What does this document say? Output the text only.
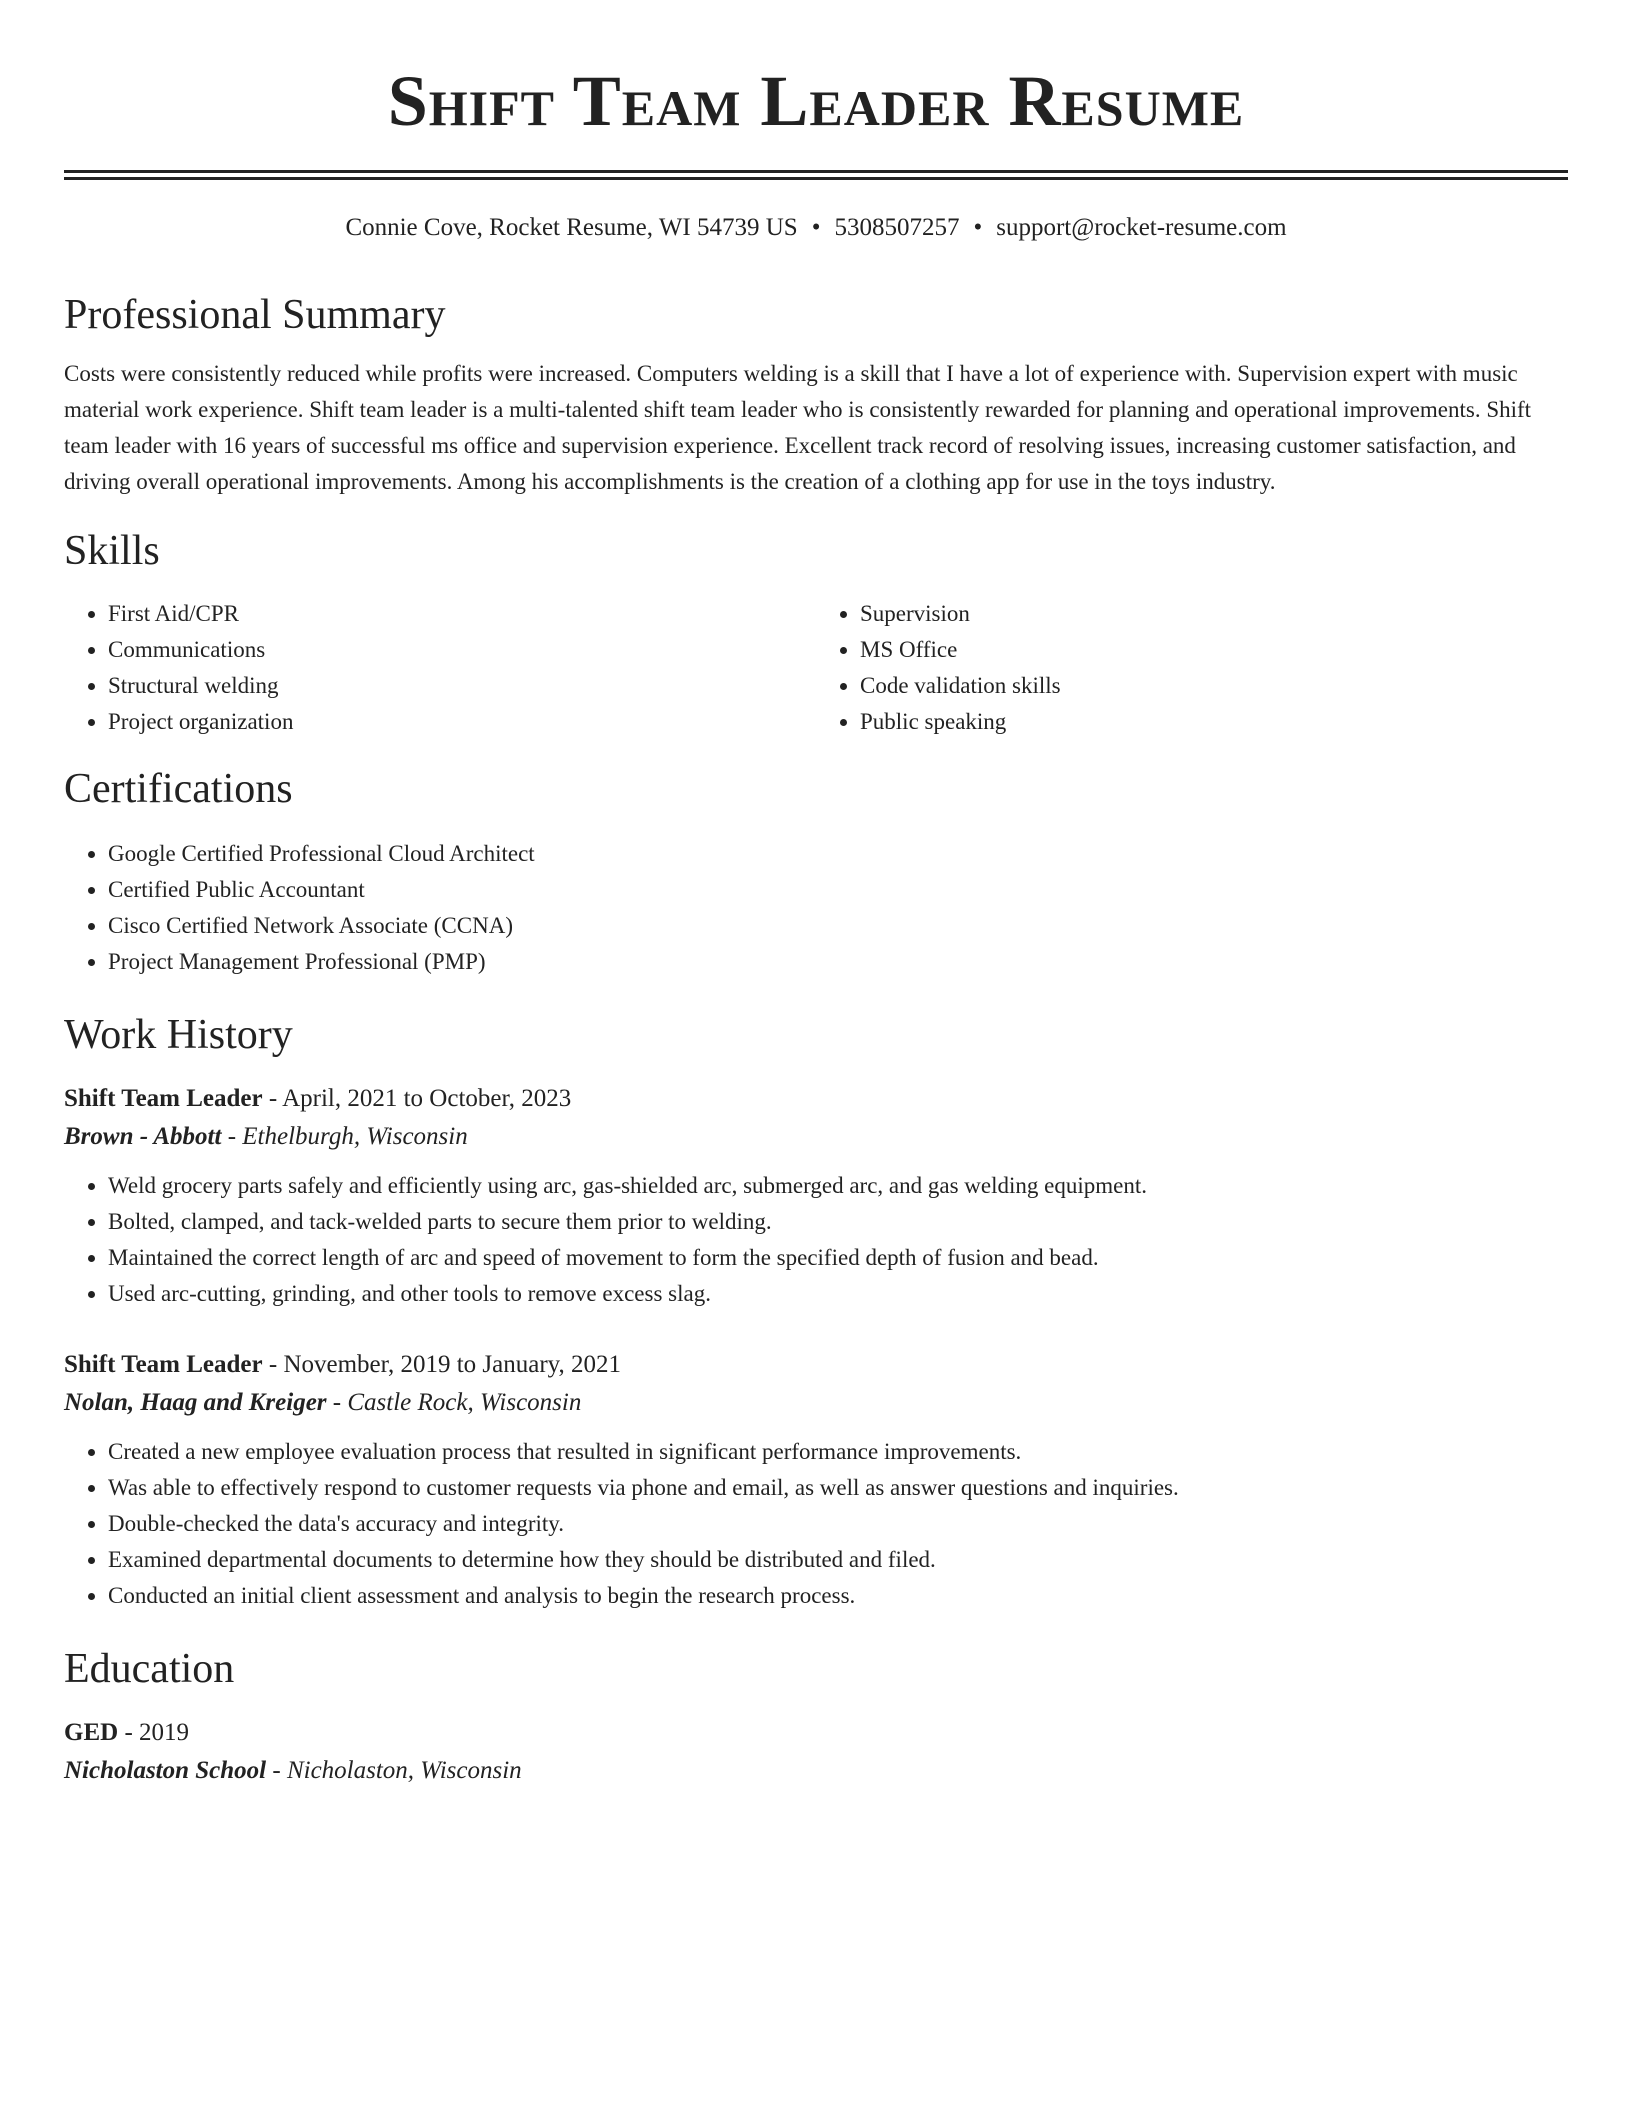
Shift Team Leader Resume
Connie Cove, Rocket Resume, WI 54739 US • 5308507257 • support@rocket-resume.com
Professional Summary

Costs were consistently reduced while profits were increased. Computers welding is a skill that I have a lot of experience with. Supervision expert with music material work experience. Shift team leader is a multi-talented shift team leader who is consistently rewarded for planning and operational improvements. Shift team leader with 16 years of successful ms office and supervision experience. Excellent track record of resolving issues, increasing customer satisfaction, and driving overall operational improvements. Among his accomplishments is the creation of a clothing app for use in the toys industry.

Skills
• First Aid/CPR
• Communications
• Structural welding
• Project organization
• Supervision
• MS Office
• Code validation skills
• Public speaking
Certifications
• Google Certified Professional Cloud Architect
• Certified Public Accountant
• Cisco Certified Network Associate (CCNA)
• Project Management Professional (PMP)
Work History
Shift Team Leader - April, 2021 to October, 2023
Brown - Abbott - Ethelburgh, Wisconsin
• Weld grocery parts safely and efficiently using arc, gas-shielded arc, submerged arc, and gas welding equipment.
• Bolted, clamped, and tack-welded parts to secure them prior to welding.
• Maintained the correct length of arc and speed of movement to form the specified depth of fusion and bead.
• Used arc-cutting, grinding, and other tools to remove excess slag.
Shift Team Leader - November, 2019 to January, 2021
Nolan, Haag and Kreiger - Castle Rock, Wisconsin
• Created a new employee evaluation process that resulted in significant performance improvements.
• Was able to effectively respond to customer requests via phone and email, as well as answer questions and inquiries.
• Double-checked the data's accuracy and integrity.
• Examined departmental documents to determine how they should be distributed and filed.
• Conducted an initial client assessment and analysis to begin the research process.
Education
GED - 2019
Nicholaston School - Nicholaston, Wisconsin
